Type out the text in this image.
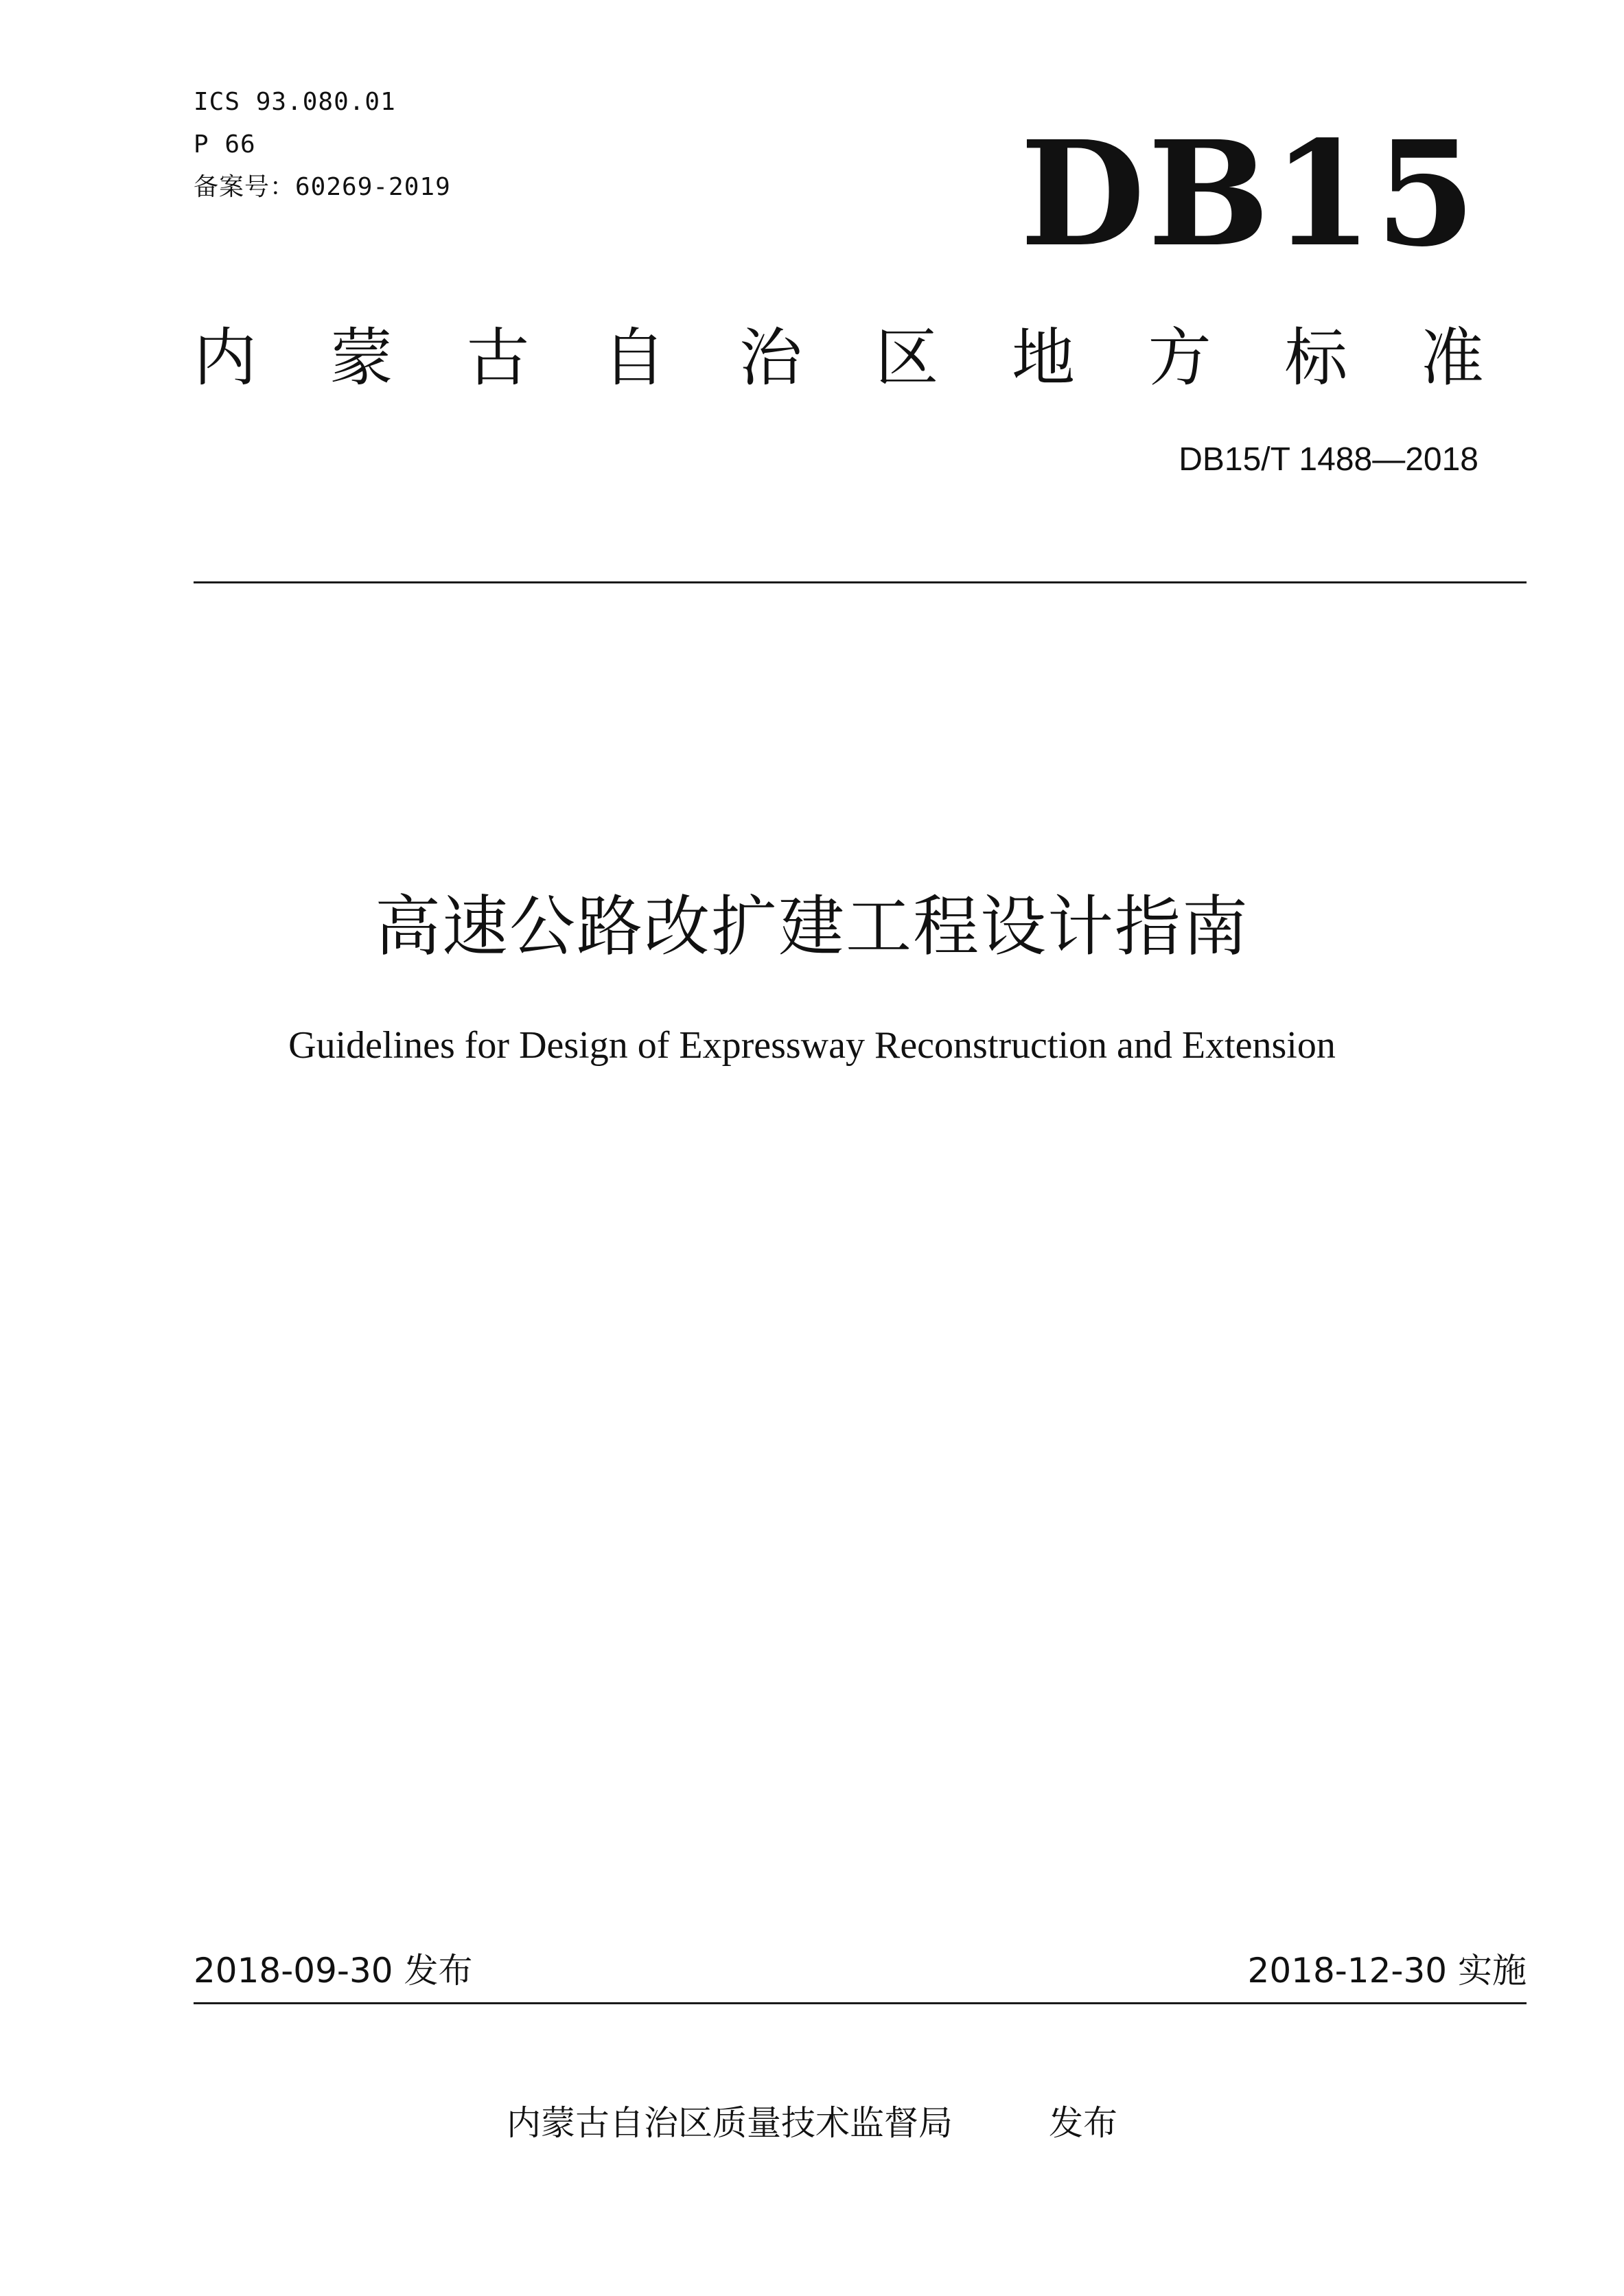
ICS 93.080.01
P 66
备案号：60269-2019	DB15
内 蒙 古 自 治 区 地 方 标 准
DB15/T 1488—2018
高速公路改扩建工程设计指南
Guidelines for Design of Expressway Reconstruction and Extension
2018-09-30 发布	2018-12-30 实施
内蒙古自治区质量技术监督局	发布
